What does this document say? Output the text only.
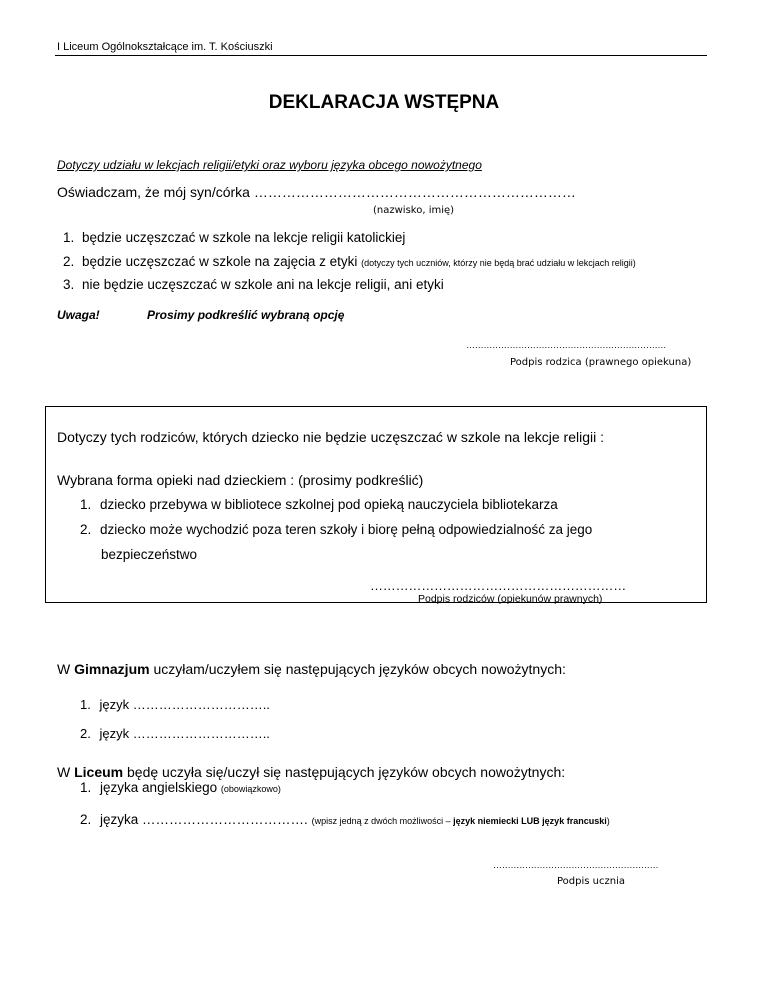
I Liceum Ogólnokształcące im. T. Kościuszki
DEKLARACJA WSTĘPNA
Dotyczy udziału w lekcjach religii/etyki oraz wyboru języka obcego nowożytnego
Oświadczam, że mój syn/córka ……………………………………………………………
(nazwisko, imię)
1. będzie uczęszczać w szkole na lekcje religii katolickiej
2. będzie uczęszczać w szkole na zajęcia z etyki (dotyczy tych uczniów, którzy nie będą brać udziału w lekcjach religii)
3. nie będzie uczęszczać w szkole ani na lekcje religii, ani etyki
Uwaga!	Prosimy podkreślić wybraną opcję
……………………………………………………………
Podpis rodzica (prawnego opiekuna)
Dotyczy tych rodziców, których dziecko nie będzie uczęszczać w szkole na lekcje religii :
Wybrana forma opieki nad dzieckiem : (prosimy podkreślić)
1. dziecko przebywa w bibliotece szkolnej pod opieką nauczyciela bibliotekarza
2. dziecko może wychodzić poza teren szkoły i biorę pełną odpowiedzialność za jego
bezpieczeństwo
……………………………………………………
Podpis rodziców (opiekunów prawnych)
W Gimnazjum uczyłam/uczyłem się następujących języków obcych nowożytnych:
1. język …………………………..
2. język …………………………..
W Liceum będę uczyła się/uczył się następujących języków obcych nowożytnych:
1. języka angielskiego (obowiązkowo)
2. języka ………………………………. (wpisz jedną z dwóch możliwości – język niemiecki LUB język francuski)
…………………………………………………
Podpis ucznia
